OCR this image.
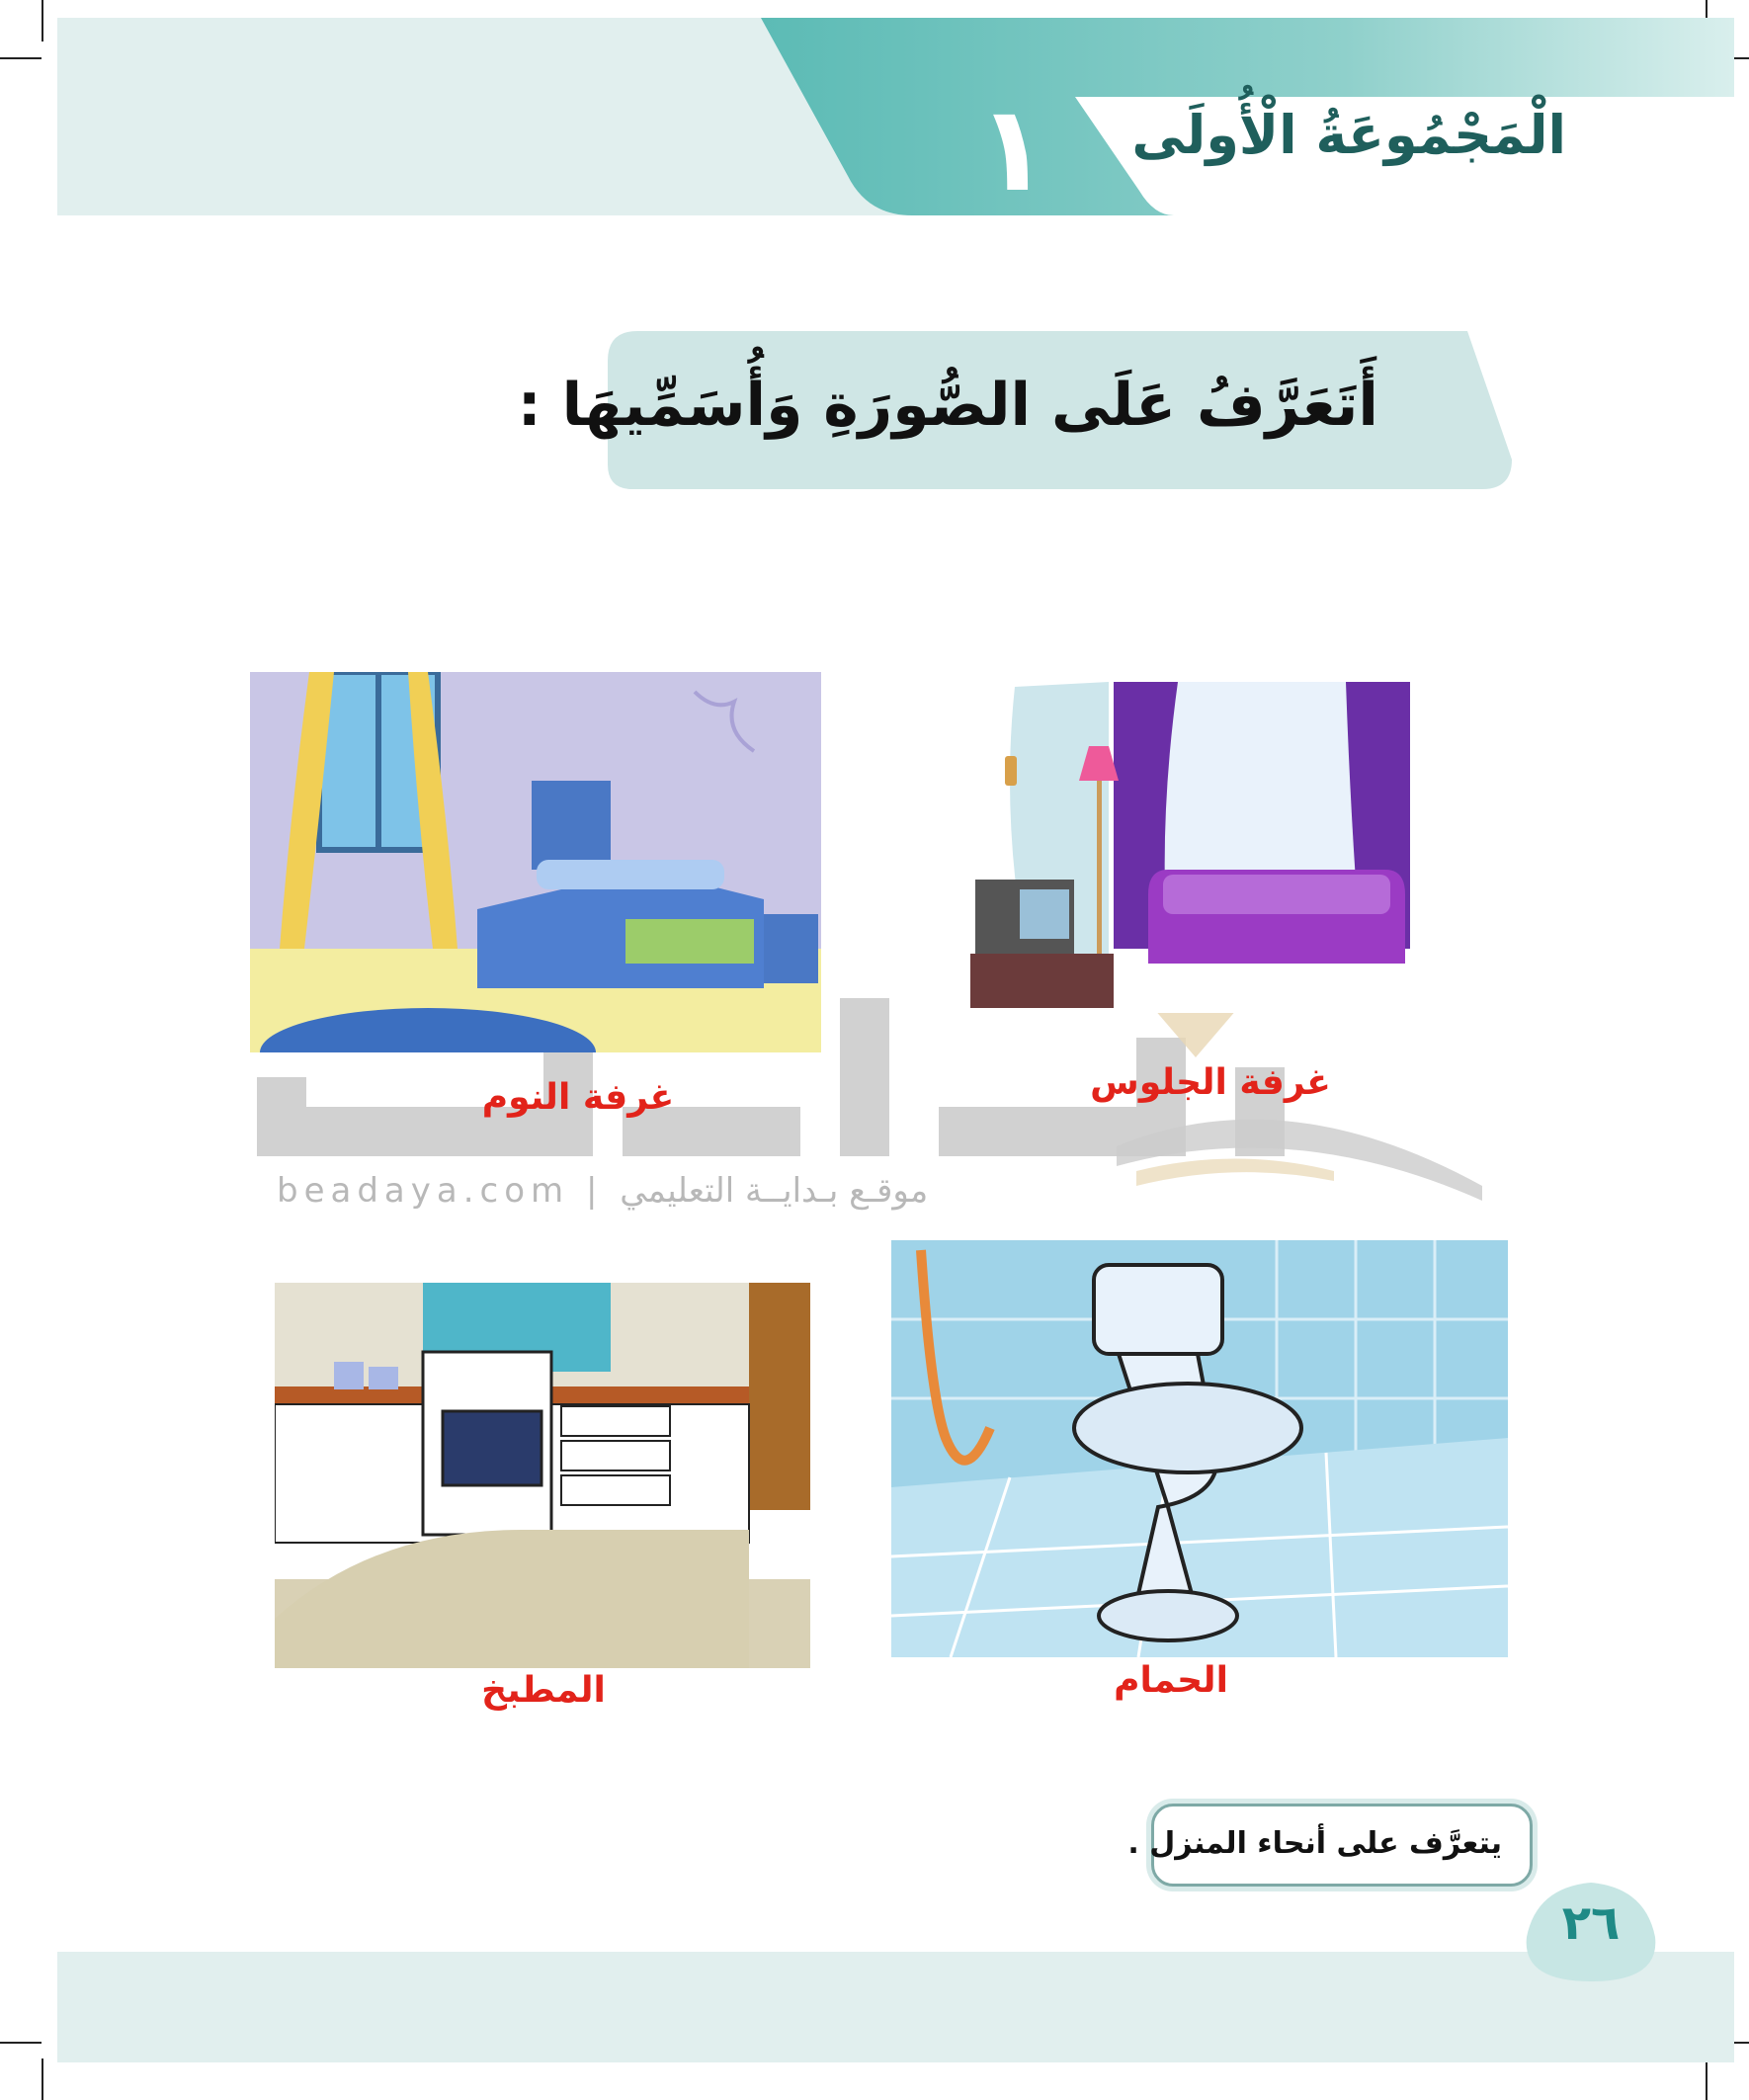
١	الْمَجْمُوعَةُ الْأُولَى
أَتَعَرَّفُ عَلَى الصُّورَةِ وَأُسَمِّيهَا :
غرفة الجلوس
غرفة النوم
الحمام
المطبخ
beadaya.com | موقـع بـدايــة التعليمي
يتعرَّف على أنحاء المنزل .
٢٦
